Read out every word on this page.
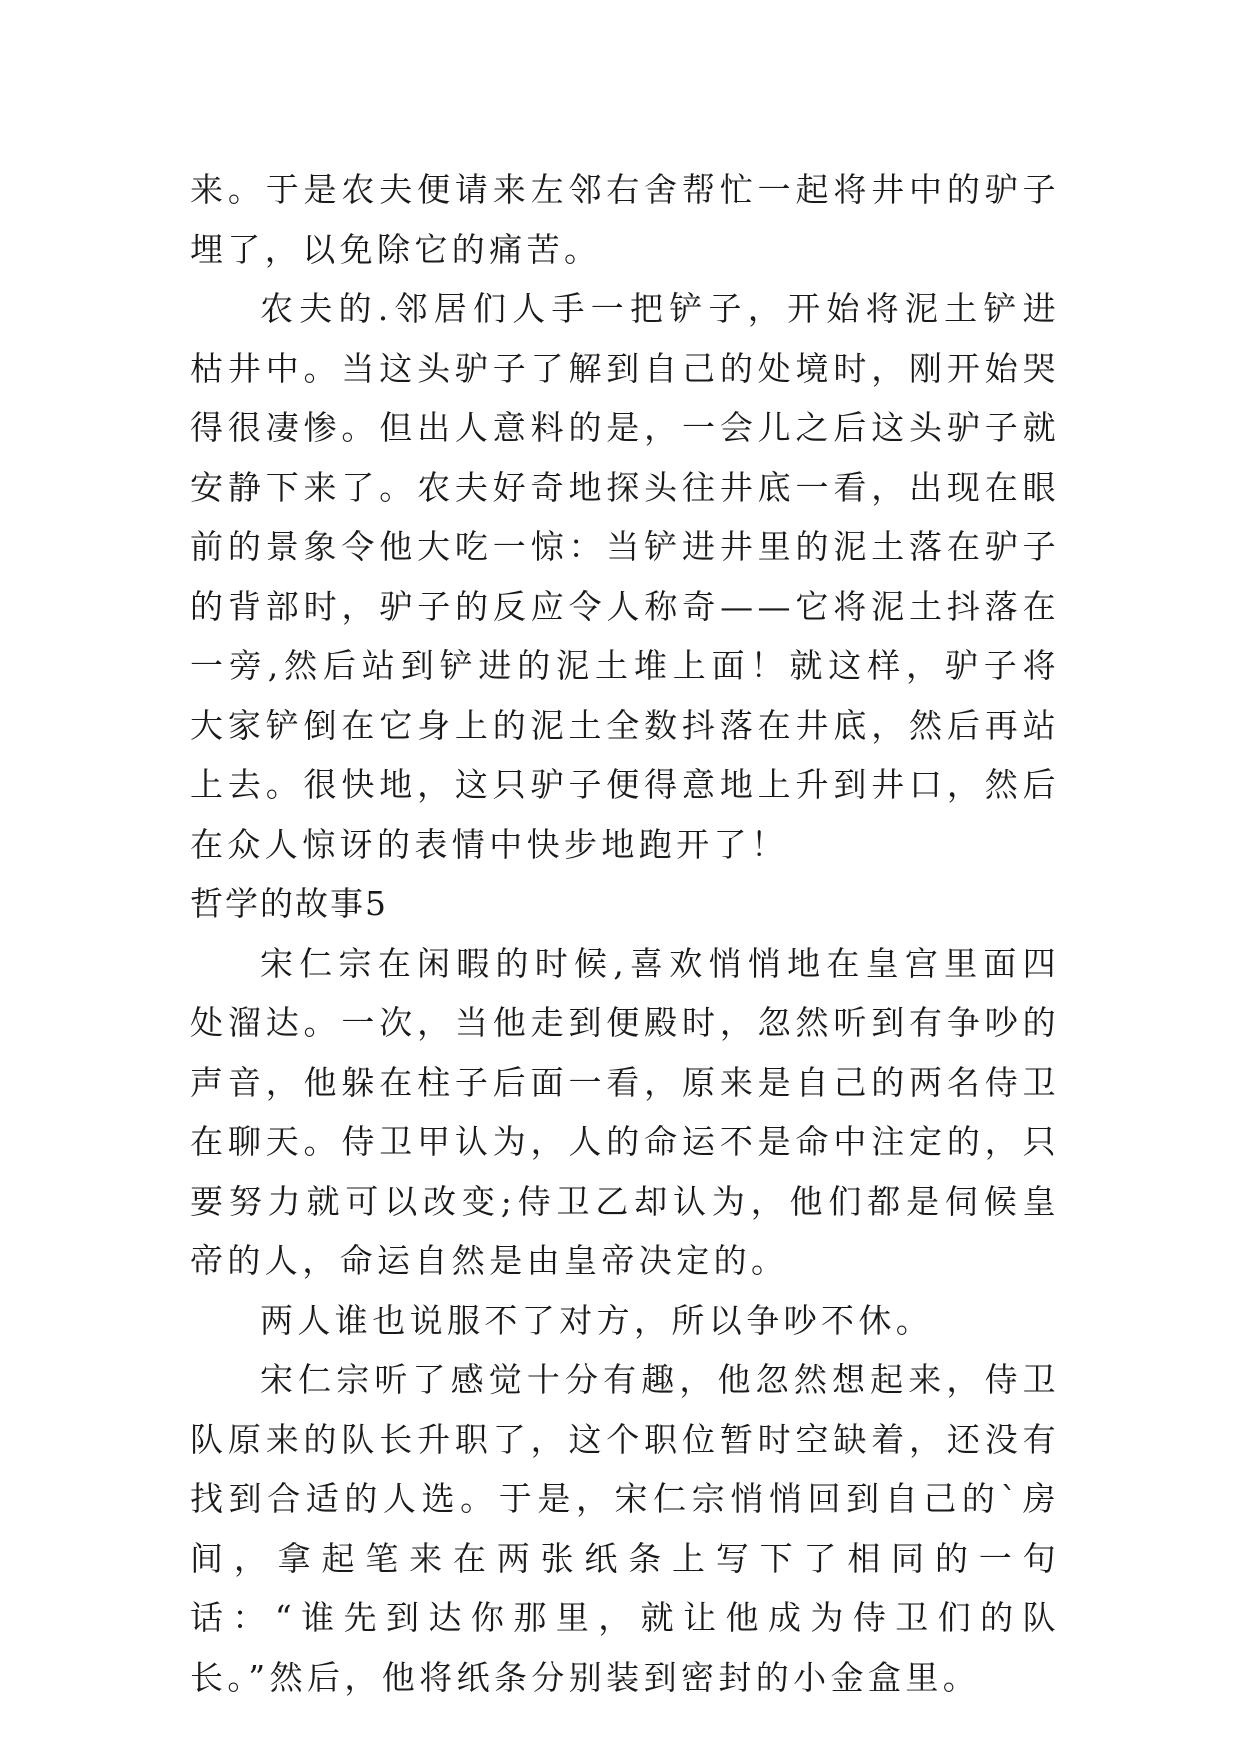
来。于是农夫便请来左邻右舍帮忙一起将井中的驴子埋了，以免除它的痛苦。

农夫的.邻居们人手一把铲子，开始将泥土铲进枯井中。当这头驴子了解到自己的处境时，刚开始哭得很凄惨。但出人意料的是，一会儿之后这头驴子就安静下来了。农夫好奇地探头往井底一看，出现在眼前的景象令他大吃一惊：当铲进井里的泥土落在驴子的背部时，驴子的反应令人称奇——它将泥土抖落在一旁,然后站到铲进的泥土堆上面！就这样，驴子将大家铲倒在它身上的泥土全数抖落在井底，然后再站上去。很快地，这只驴子便得意地上升到井口，然后在众人惊讶的表情中快步地跑开了！

哲学的故事5

宋仁宗在闲暇的时候,喜欢悄悄地在皇宫里面四处溜达。一次，当他走到便殿时，忽然听到有争吵的声音，他躲在柱子后面一看，原来是自己的两名侍卫在聊天。侍卫甲认为，人的命运不是命中注定的，只要努力就可以改变;侍卫乙却认为，他们都是伺候皇帝的人，命运自然是由皇帝决定的。

两人谁也说服不了对方，所以争吵不休。

宋仁宗听了感觉十分有趣，他忽然想起来，侍卫队原来的队长升职了，这个职位暂时空缺着，还没有找到合适的人选。于是，宋仁宗悄悄回到自己的`房间，拿起笔来在两张纸条上写下了相同的一句话：“谁先到达你那里，就让他成为侍卫们的队长。”然后，他将纸条分别装到密封的小金盒里。
